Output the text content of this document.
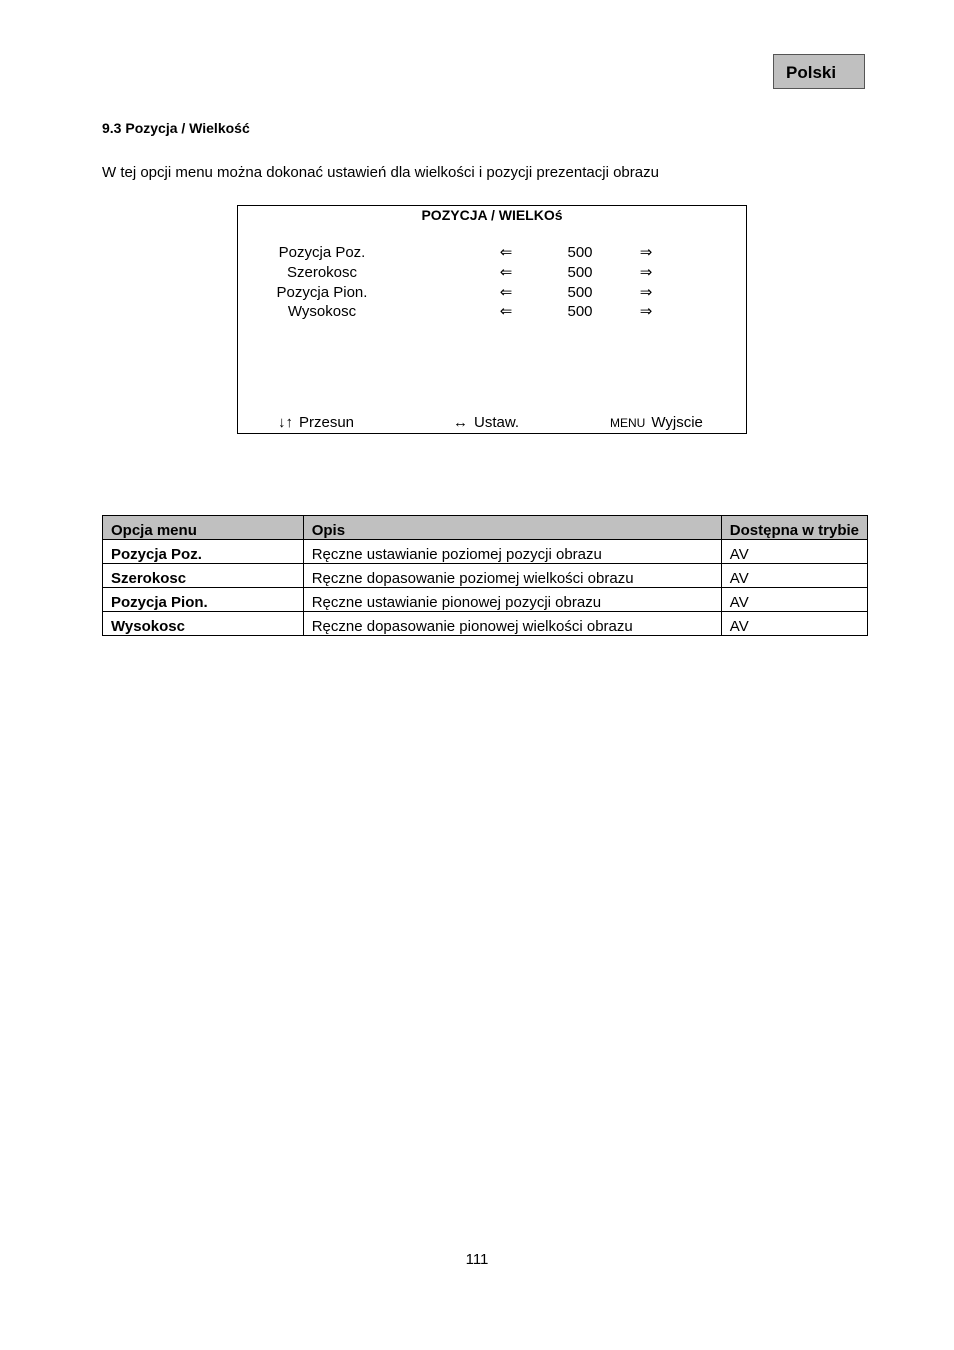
Polski
9.3 Pozycja / Wielkość
W tej opcji menu można dokonać ustawień dla wielkości i pozycji prezentacji obrazu
POZYCJA / WIELKOś
Pozycja Poz.	⇐	500	⇒
Szerokosc	⇐	500	⇒
Pozycja Pion.	⇐	500	⇒
Wysokosc	⇐	500	⇒
↓↑ Przesun	↔ Ustaw.	MENU Wyjscie
Opcja menu	Opis	Dostępna w trybie
Pozycja Poz.	Ręczne ustawianie poziomej pozycji obrazu	AV
Szerokosc	Ręczne dopasowanie poziomej wielkości obrazu	AV
Pozycja Pion.	Ręczne ustawianie pionowej pozycji obrazu	AV
Wysokosc	Ręczne dopasowanie pionowej wielkości obrazu	AV
111
